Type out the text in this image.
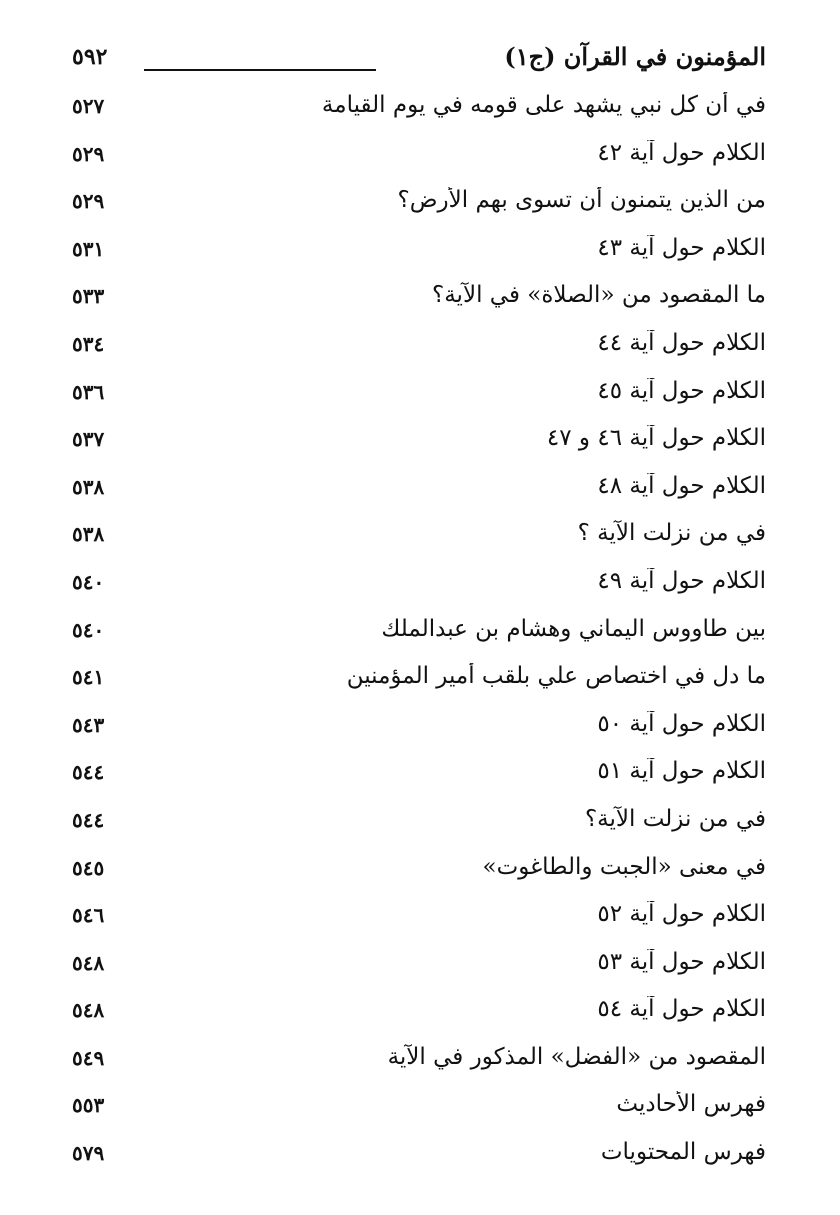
٥٩٢	المؤمنون في القرآن (ج١)
في أن كل نبي يشهد على قومه في يوم القيامة
٥٢٧
الكلام حول آية ٤٢
٥٢٩
من الذين يتمنون أن تسوى بهم الأرض؟
٥٢٩
الكلام حول آية ٤٣
٥٣١
ما المقصود من «الصلاة» في الآية؟
٥٣٣
الكلام حول آية ٤٤
٥٣٤
الكلام حول آية ٤٥
٥٣٦
الكلام حول آية ٤٦ و ٤٧
٥٣٧
الكلام حول آية ٤٨
٥٣٨
في من نزلت الآية ؟
٥٣٨
الكلام حول آية ٤٩
٥٤٠
بين طاووس اليماني وهشام بن عبدالملك
٥٤٠
ما دل في اختصاص علي بلقب أمير المؤمنين
٥٤١
الكلام حول آية ٥٠
٥٤٣
الكلام حول آية ٥١
٥٤٤
في من نزلت الآية؟
٥٤٤
في معنى «الجبت والطاغوت»
٥٤٥
الكلام حول آية ٥٢
٥٤٦
الكلام حول آية ٥٣
٥٤٨
الكلام حول آية ٥٤
٥٤٨
المقصود من «الفضل» المذكور في الآية
٥٤٩
فهرس الأحاديث
٥٥٣
فهرس المحتويات
٥٧٩
